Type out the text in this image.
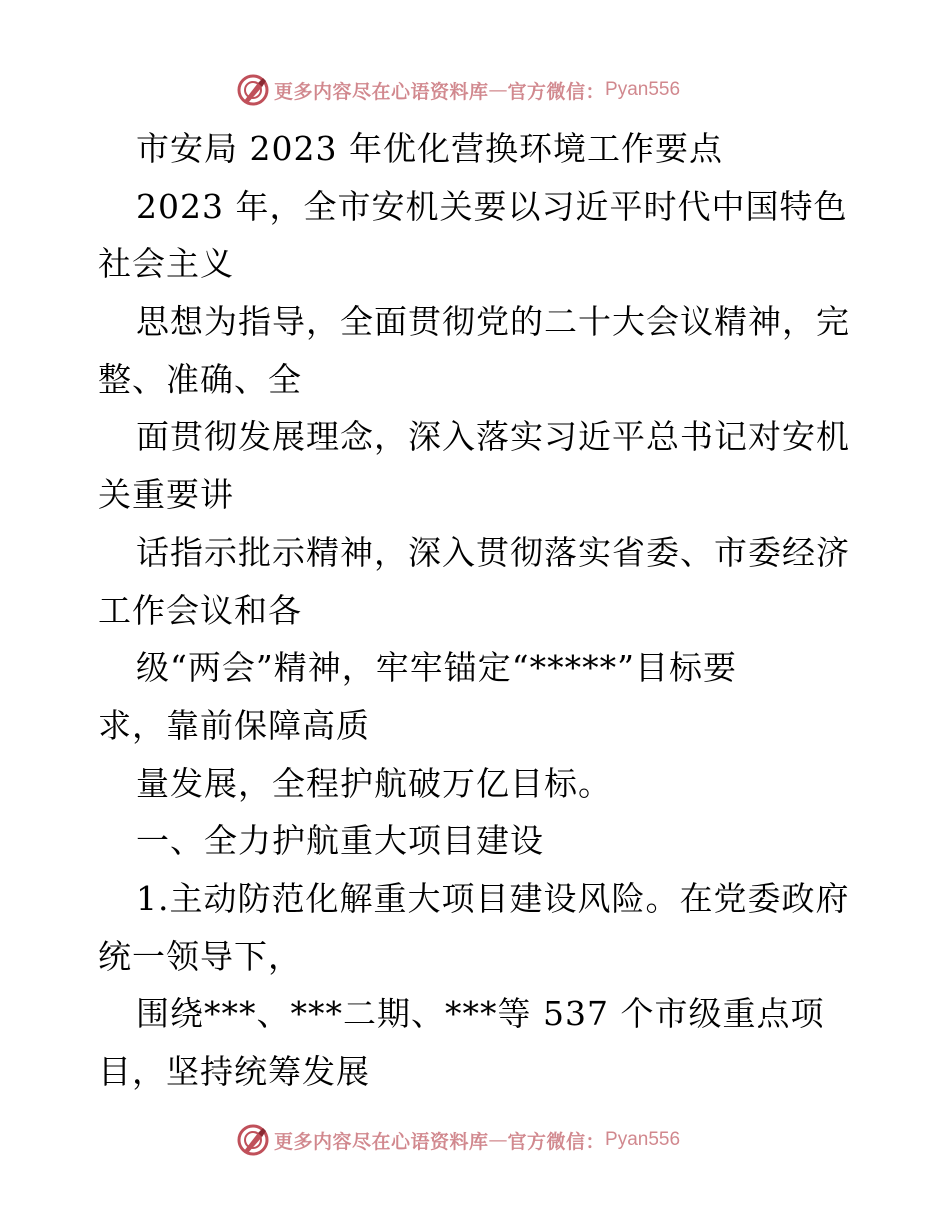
更多内容尽在心语资料库 — 官方微信： Pyan556
市安局 2023 年优化营换环境工作要点
2023 年，全市安机关要以习近平时代中国特色
社会主义
思想为指导，全面贯彻党的二十大会议精神，完
整、准确、全
面贯彻发展理念，深入落实习近平总书记对安机
关重要讲
话指示批示精神，深入贯彻落实省委、市委经济
工作会议和各
级“两会”精神，牢牢锚定“*****”目标要
求，靠前保障高质
量发展，全程护航破万亿目标。
一、全力护航重大项目建设
1.主动防范化解重大项目建设风险。在党委政府
统一领导下，
围绕***、***二期、***等 537 个市级重点项
目，坚持统筹发展
更多内容尽在心语资料库 — 官方微信： Pyan556
